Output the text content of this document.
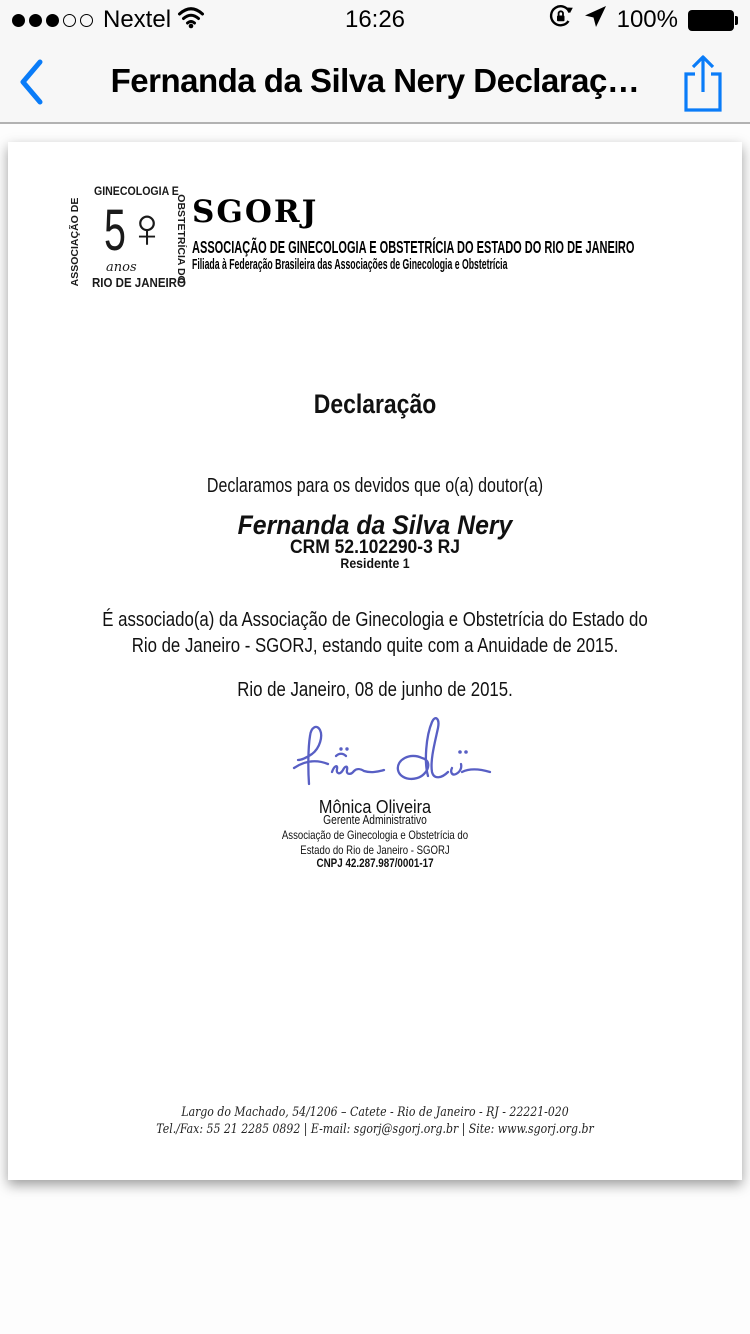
Nextel	16:26	100%
Fernanda da Silva Nery Declaraç…
GINECOLOGIA E
ASSOCIAÇÃO DE	OBSTETRÍCIA DO
RIO DE JANEIRO
5 ♀
anos
SGORJ
ASSOCIAÇÃO DE GINECOLOGIA E OBSTETRÍCIA DO ESTADO DO RIO DE JANEIRO
Filiada à Federação Brasileira das Associações de Ginecologia e Obstetrícia
Declaração
Declaramos para os devidos que o(a) doutor(a)
Fernanda da Silva Nery
CRM 52.102290-3 RJ
Residente 1
É associado(a) da Associação de Ginecologia e Obstetrícia do Estado do
Rio de Janeiro - SGORJ, estando quite com a Anuidade de 2015.
Rio de Janeiro, 08 de junho de 2015.
Mônica Oliveira
Gerente Administrativo
Associação de Ginecologia e Obstetrícia do
Estado do Rio de Janeiro - SGORJ
CNPJ 42.287.987/0001-17
Largo do Machado, 54/1206 – Catete - Rio de Janeiro - RJ - 22221-020
Tel./Fax: 55 21 2285 0892 | E-mail: sgorj@sgorj.org.br | Site: www.sgorj.org.br
